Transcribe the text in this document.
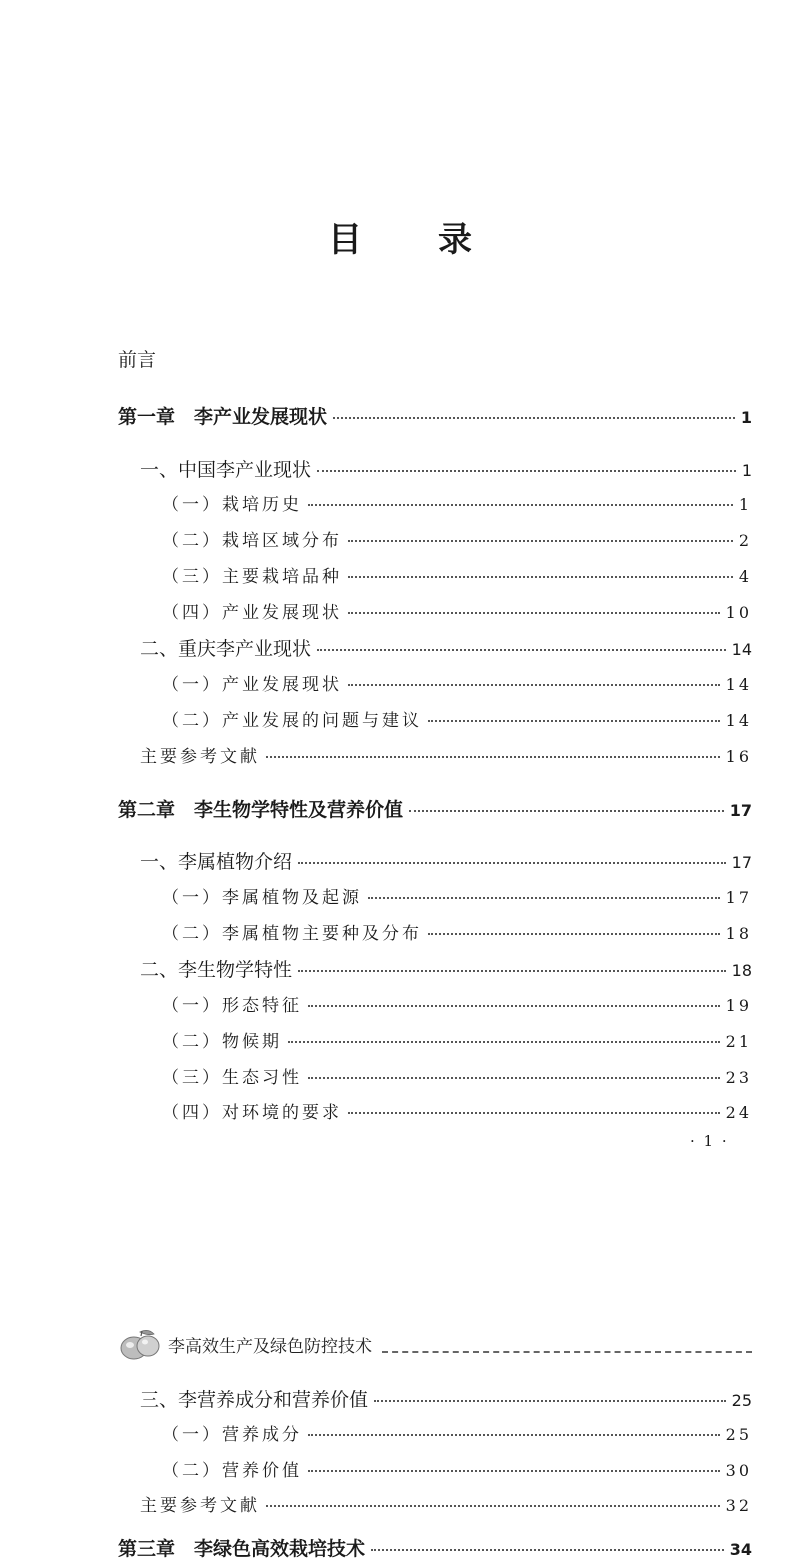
目 录
前言
第一章　李产业发展现状	1
一、中国李产业现状	1
（一）栽培历史	1
（二）栽培区域分布	2
（三）主要栽培品种	4
（四）产业发展现状	10
二、重庆李产业现状	14
（一）产业发展现状	14
（二）产业发展的问题与建议	14
主要参考文献	16
第二章　李生物学特性及营养价值	17
一、李属植物介绍	17
（一）李属植物及起源	17
（二）李属植物主要种及分布	18
二、李生物学特性	18
（一）形态特征	19
（二）物候期	21
（三）生态习性	23
（四）对环境的要求	24
· 1 ·
李高效生产及绿色防控技术
三、李营养成分和营养价值	25
（一）营养成分	25
（二）营养价值	30
主要参考文献	32
第三章　李绿色高效栽培技术	34
